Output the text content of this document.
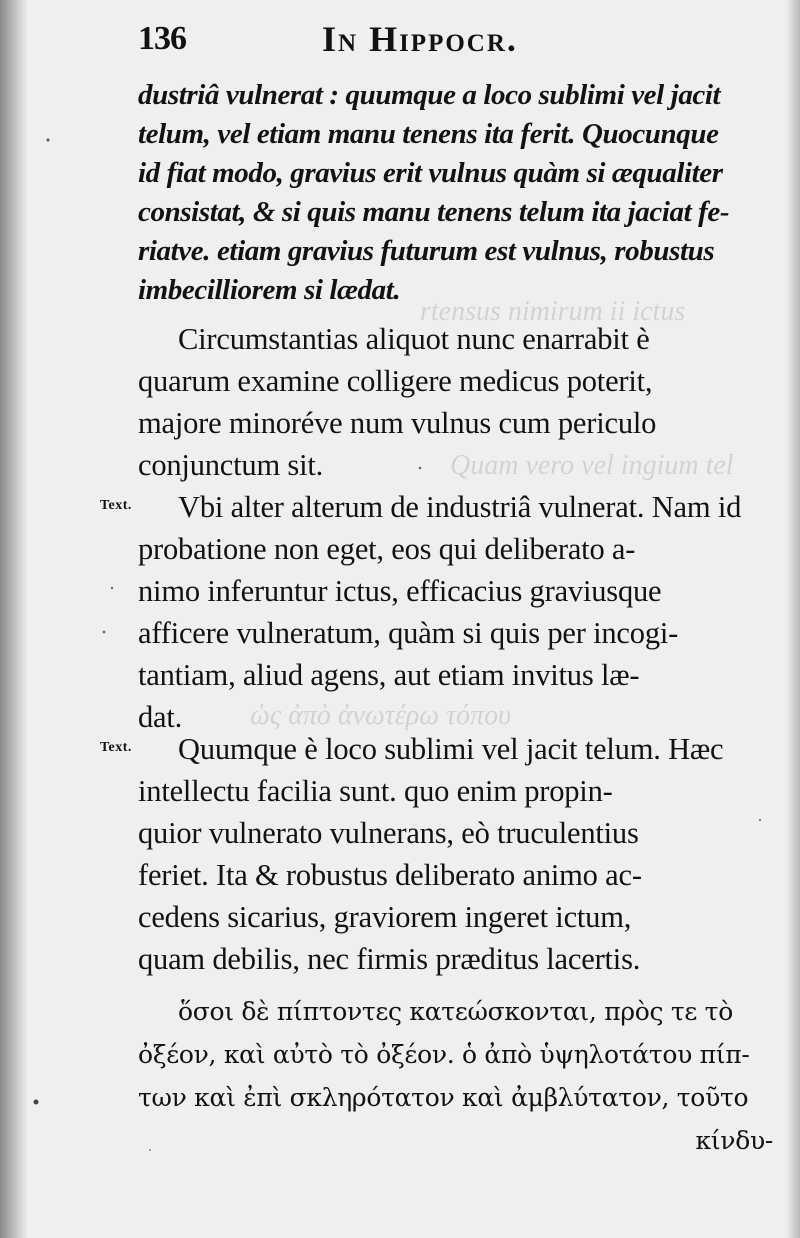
rtensus nimirum ii ictus
Quam vero vel ingium tel
ὡς ἀπὸ ἀνωτέρω τόπου
136	In Hippocr.
dustriâ vulnerat : quumque a loco sublimi vel jacit
telum, vel etiam manu tenens ita ferit. Quocunque
id fiat modo, gravius erit vulnus quàm si æqualiter
consistat, & si quis manu tenens telum ita jaciat fe-
riatve. etiam gravius futurum est vulnus, robustus
imbecilliorem si lædat.
Circumstantias aliquot nunc enarrabit è
quarum examine colligere medicus poterit,
majore minoréve num vulnus cum periculo
conjunctum sit.
Text.	Vbi alter alterum de industriâ vulnerat. Nam id
probatione non eget, eos qui deliberato a-
nimo inferuntur ictus, efficacius graviusque
afficere vulneratum, quàm si quis per incogi-
tantiam, aliud agens, aut etiam invitus læ-
dat.
Text.	Quumque è loco sublimi vel jacit telum. Hæc
intellectu facilia sunt. quo enim propin-
quior vulnerato vulnerans, eò truculentius
feriet. Ita & robustus deliberato animo ac-
cedens sicarius, graviorem ingeret ictum,
quam debilis, nec firmis præditus lacertis.
ὅσοι δὲ πίπτοντες κατεώσκονται, πρὸς τε τὸ
ὀξέον, καὶ αὐτὸ τὸ ὀξέον. ὁ ἀπὸ ὑψηλοτάτου πίπ-
των καὶ ἐπὶ σκληρότατον καὶ ἀμβλύτατον, τοῦτο
κίνδυ-
